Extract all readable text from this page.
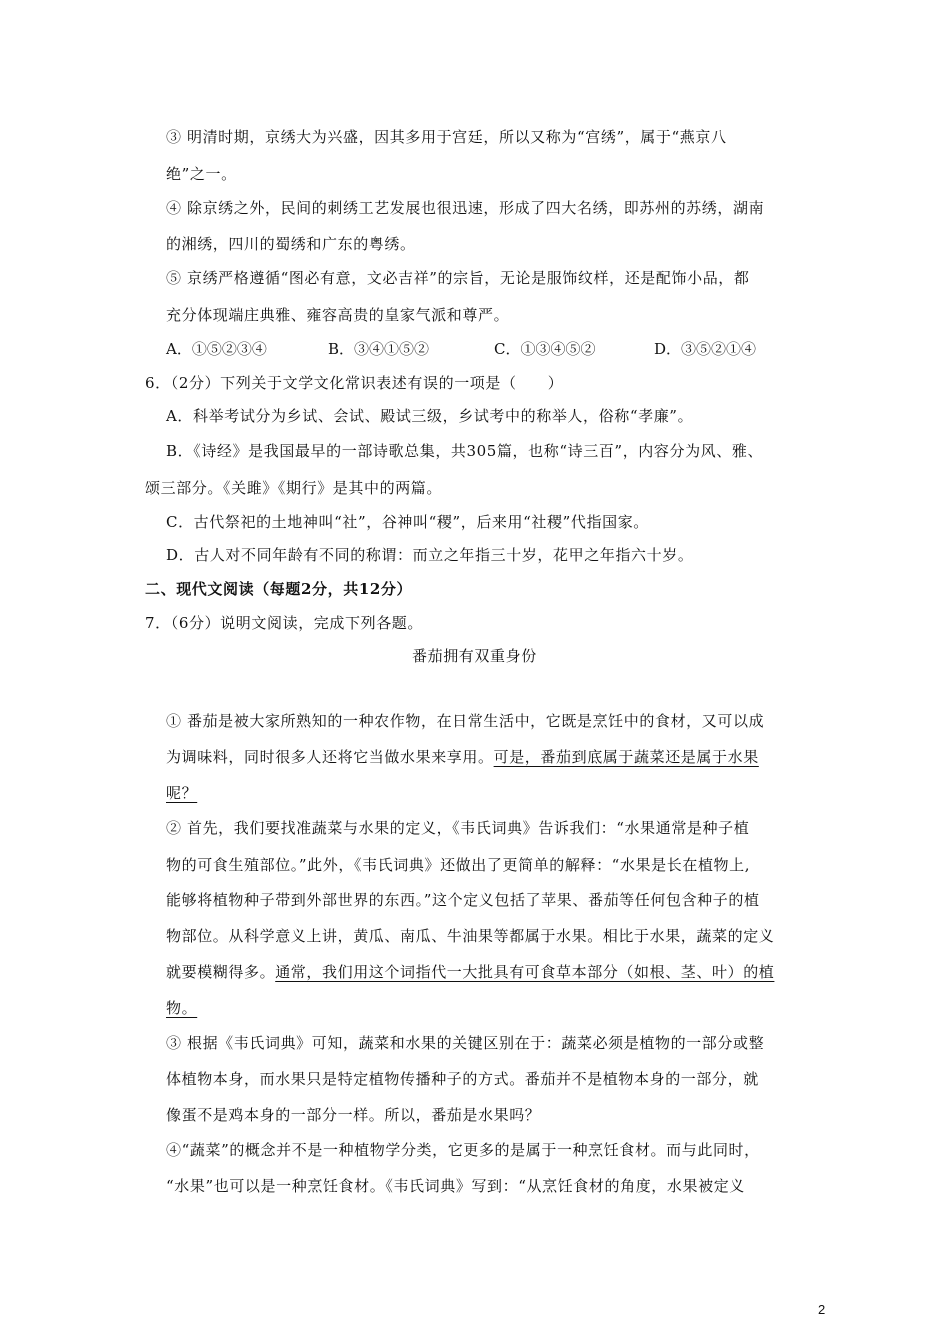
③ 明清时期，京绣大为兴盛，因其多用于宫廷，所以又称为“宫绣”，属于“燕京八
绝”之一。
④ 除京绣之外，民间的刺绣工艺发展也很迅速，形成了四大名绣，即苏州的苏绣，湖南
的湘绣，四川的蜀绣和广东的粤绣。
⑤ 京绣严格遵循“图必有意，文必吉祥”的宗旨，无论是服饰纹样，还是配饰小品，都
充分体现端庄典雅、雍容高贵的皇家气派和尊严。
A．①⑤②③④	B．③④①⑤②	C．①③④⑤②	D．③⑤②①④
6．（2分）下列关于文学文化常识表述有误的一项是（　　）
A．科举考试分为乡试、会试、殿试三级，乡试考中的称举人，俗称“孝廉”。
B．《诗经》是我国最早的一部诗歌总集，共305篇，也称“诗三百”，内容分为风、雅、
颂三部分。《关雎》《期行》是其中的两篇。
C．古代祭祀的土地神叫“社”，谷神叫“稷”，后来用“社稷”代指国家。
D．古人对不同年龄有不同的称谓：而立之年指三十岁，花甲之年指六十岁。
二、现代文阅读（每题2分，共12分）
7．（6分）说明文阅读，完成下列各题。
番茄拥有双重身份
① 番茄是被大家所熟知的一种农作物，在日常生活中，它既是烹饪中的食材，又可以成
为调味料，同时很多人还将它当做水果来享用。可是，番茄到底属于蔬菜还是属于水果
呢？
② 首先，我们要找准蔬菜与水果的定义，《韦氏词典》告诉我们：“水果通常是种子植
物的可食生殖部位。”此外，《韦氏词典》还做出了更简单的解释：“水果是长在植物上,
能够将植物种子带到外部世界的东西。”这个定义包括了苹果、番茄等任何包含种子的植
物部位。从科学意义上讲，黄瓜、南瓜、牛油果等都属于水果。相比于水果，蔬菜的定义
就要模糊得多。通常，我们用这个词指代一大批具有可食草本部分（如根、茎、叶）的植
物。
③ 根据《韦氏词典》可知，蔬菜和水果的关键区别在于：蔬菜必须是植物的一部分或整
体植物本身，而水果只是特定植物传播种子的方式。番茄并不是植物本身的一部分，就
像蛋不是鸡本身的一部分一样。所以，番茄是水果吗？
④“蔬菜”的概念并不是一种植物学分类，它更多的是属于一种烹饪食材。而与此同时，
“水果”也可以是一种烹饪食材。《韦氏词典》写到：“从烹饪食材的角度，水果被定义
2
